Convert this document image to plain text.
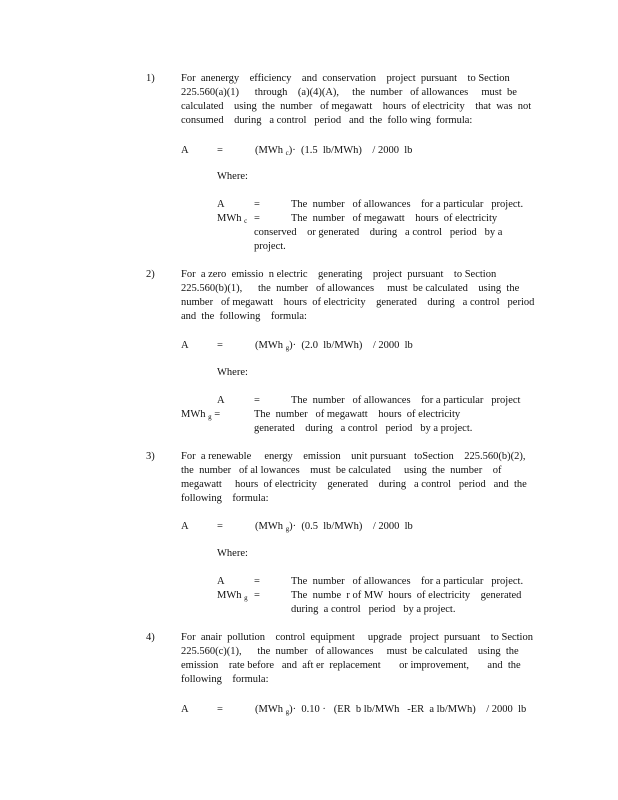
1)	For  anenergy    efficiency    and  conservation    project  pursuant    to Section
225.560(a)(1)      through    (a)(4)(A),     the  number   of allowances     must  be
calculated    using  the  number   of megawatt    hours  of electricity    that  was  not
consumed    during   a control   period   and  the  follo wing  formula:
A	=	(MWh $_c$)·  (1.5  lb/MWh)    / 2000  lb
Where:
A	=	The  number   of allowances    for a particular   project.
MWh $_c$ =	The  number   of megawatt    hours  of electricity
conserved    or generated    during   a control   period   by a
project.
2)	For  a zero  emissio  n electric    generating    project  pursuant    to Section
225.560(b)(1),      the  number   of allowances     must  be calculated    using  the
number   of megawatt    hours  of electricity    generated    during   a control   period
and  the  following    formula:
A	=	(MWh $_g$)·  (2.0  lb/MWh)    / 2000  lb
Where:
A	=	The  number   of allowances    for a particular   project
MWh $_g$ =	The  number   of megawatt    hours  of electricity
generated    during   a control   period   by a project.
3)	For  a renewable     energy    emission    unit pursuant   toSection    225.560(b)(2),
the  number   of al lowances    must  be calculated     using  the  number    of
megawatt     hours  of electricity    generated    during   a control   period   and  the
following    formula:
A	=	(MWh $_g$)·  (0.5  lb/MWh)    / 2000  lb
Where:
A	=	The  number   of allowances    for a particular   project.
MWh $_g$ =	The  numbe  r of MW  hours  of electricity    generated
during  a control   period   by a project.
4)	For  anair  pollution    control  equipment     upgrade   project  pursuant    to Section
225.560(c)(1),      the  number   of allowances     must  be calculated    using  the
emission    rate before   and  aft er  replacement       or improvement,       and  the
following    formula:
A	=	(MWh $_g$)·  0.10 ·   (ER  b lb/MWh   -ER  a lb/MWh)    / 2000  lb
